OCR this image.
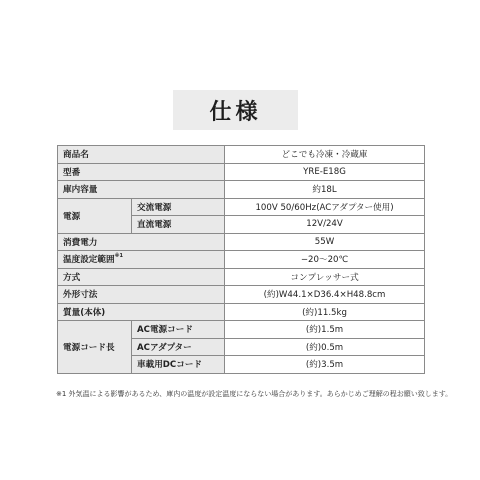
仕様
商品名		どこでも冷凍・冷蔵庫
型番		YRE-E18G
庫内容量		約18L
電源	交流電源	100V 50/60Hz(ACアダプター使用)
	直流電源	12V/24V
消費電力		55W
温度設定範囲$^{※1}$		−20〜20℃
方式		コンプレッサー式
外形寸法		(約)W44.1×D36.4×H48.8cm
質量(本体)		(約)11.5kg
電源コード長	AC電源コード	(約)1.5m
	ACアダプター	(約)0.5m
	車載用DCコード	(約)3.5m
※1 外気温による影響があるため、庫内の温度が設定温度にならない場合があります。あらかじめご理解の程お願い致します。
